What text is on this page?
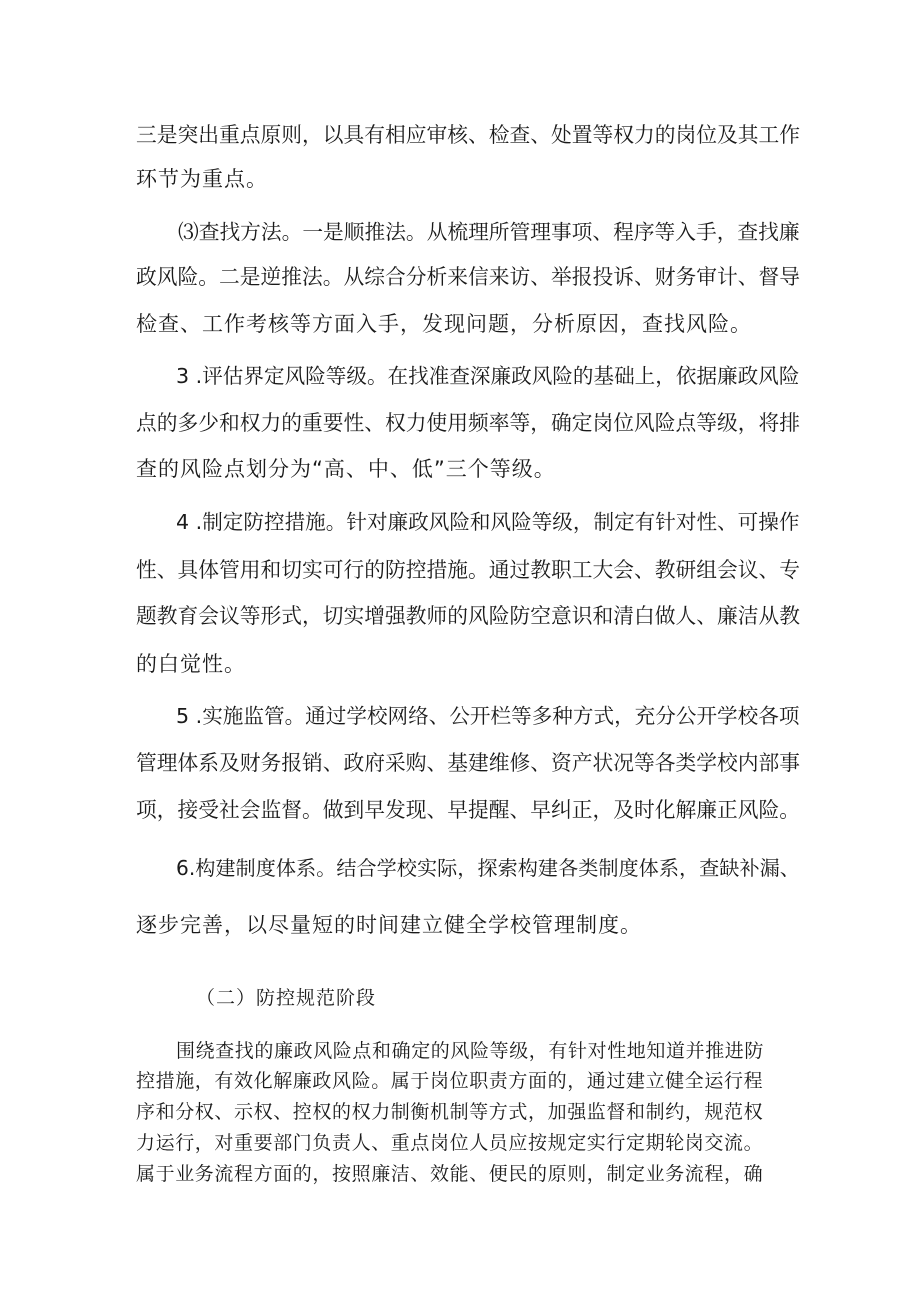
三是突出重点原则，以具有相应审核、检查、处置等权力的岗位及其工作
环节为重点。
⑶查找方法。一是顺推法。从梳理所管理事项、程序等入手，查找廉
政风险。二是逆推法。从综合分析来信来访、举报投诉、财务审计、督导
检查、工作考核等方面入手，发现问题，分析原因，查找风险。
3 .评估界定风险等级。在找准查深廉政风险的基础上，依据廉政风险
点的多少和权力的重要性、权力使用频率等，确定岗位风险点等级，将排
查的风险点划分为“高、中、低”三个等级。
4 .制定防控措施。针对廉政风险和风险等级，制定有针对性、可操作
性、具体管用和切实可行的防控措施。通过教职工大会、教研组会议、专
题教育会议等形式，切实增强教师的风险防空意识和清白做人、廉洁从教
的白觉性。
5 .实施监管。通过学校网络、公开栏等多种方式，充分公开学校各项
管理体系及财务报销、政府采购、基建维修、资产状况等各类学校内部事
项，接受社会监督。做到早发现、早提醒、早纠正，及时化解廉正风险。
6.构建制度体系。结合学校实际，探索构建各类制度体系，查缺补漏、
逐步完善，以尽量短的时间建立健全学校管理制度。
（二）防控规范阶段
围绕查找的廉政风险点和确定的风险等级，有针对性地知道并推进防
控措施，有效化解廉政风险。属于岗位职责方面的，通过建立健全运行程
序和分权、示权、控权的权力制衡机制等方式，加强监督和制约，规范权
力运行，对重要部门负责人、重点岗位人员应按规定实行定期轮岗交流。
属于业务流程方面的，按照廉洁、效能、便民的原则，制定业务流程，确
